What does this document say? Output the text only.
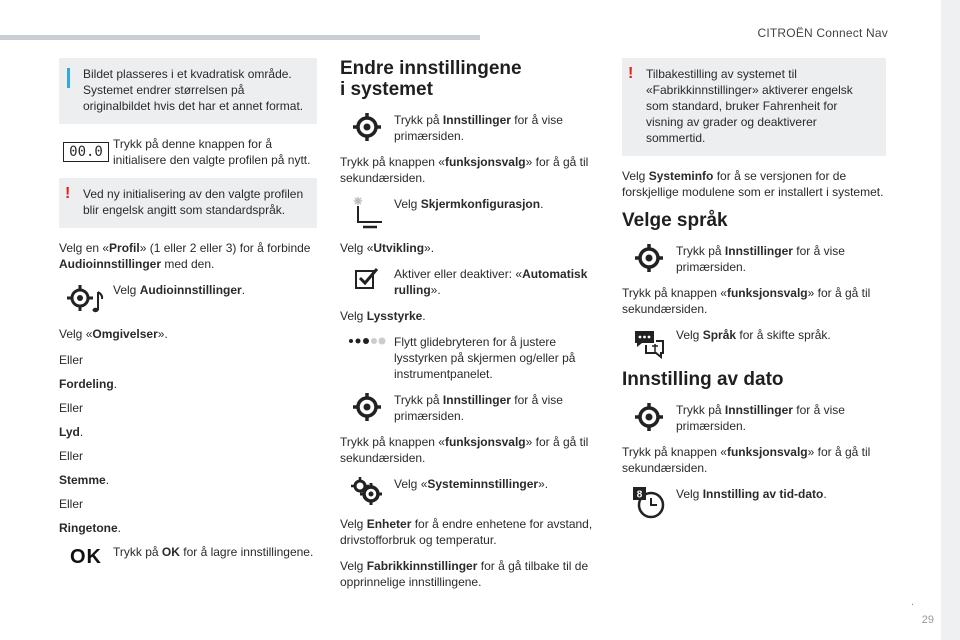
CITROËN Connect Nav
.
29
Bildet plasseres i et kvadratisk område. Systemet endrer størrelsen på originalbildet hvis det har et annet format.
00.0 Trykk på denne knappen for å initialisere den valgte profilen på nytt.
! Ved ny initialisering av den valgte profilen blir engelsk angitt som standardspråk.
Velg en «Profil» (1 eller 2 eller 3) for å forbinde Audioinnstillinger med den.
Velg Audioinnstillinger.
Velg «Omgivelser».
Eller
Fordeling.
Eller
Lyd.
Eller
Stemme.
Eller
Ringetone.
OK Trykk på OK for å lagre innstillingene.
Endre innstillingene
i systemet
Trykk på Innstillinger for å vise primærsiden.
Trykk på knappen «funksjonsvalg» for å gå til sekundærsiden.
Velg Skjermkonfigurasjon.
Velg «Utvikling».
Aktiver eller deaktiver: «Automatisk rulling».
Velg Lysstyrke.
Flytt glidebryteren for å justere lysstyrken på skjermen og/eller på instrumentpanelet.
Trykk på Innstillinger for å vise primærsiden.
Trykk på knappen «funksjonsvalg» for å gå til sekundærsiden.
Velg «Systeminnstillinger».
Velg Enheter for å endre enhetene for avstand, drivstofforbruk og temperatur.
Velg Fabrikkinnstillinger for å gå tilbake til de opprinnelige innstillingene.
! Tilbakestilling av systemet til «Fabrikkinnstillinger» aktiverer engelsk som standard, bruker Fahrenheit for visning av grader og deaktiverer sommertid.
Velg Systeminfo for å se versjonen for de forskjellige modulene som er installert i systemet.
Velge språk
Trykk på Innstillinger for å vise primærsiden.
Trykk på knappen «funksjonsvalg» for å gå til sekundærsiden.
Velg Språk for å skifte språk.
Innstilling av dato
Trykk på Innstillinger for å vise primærsiden.
Trykk på knappen «funksjonsvalg» for å gå til sekundærsiden.
8	Velg Innstilling av tid-dato.
